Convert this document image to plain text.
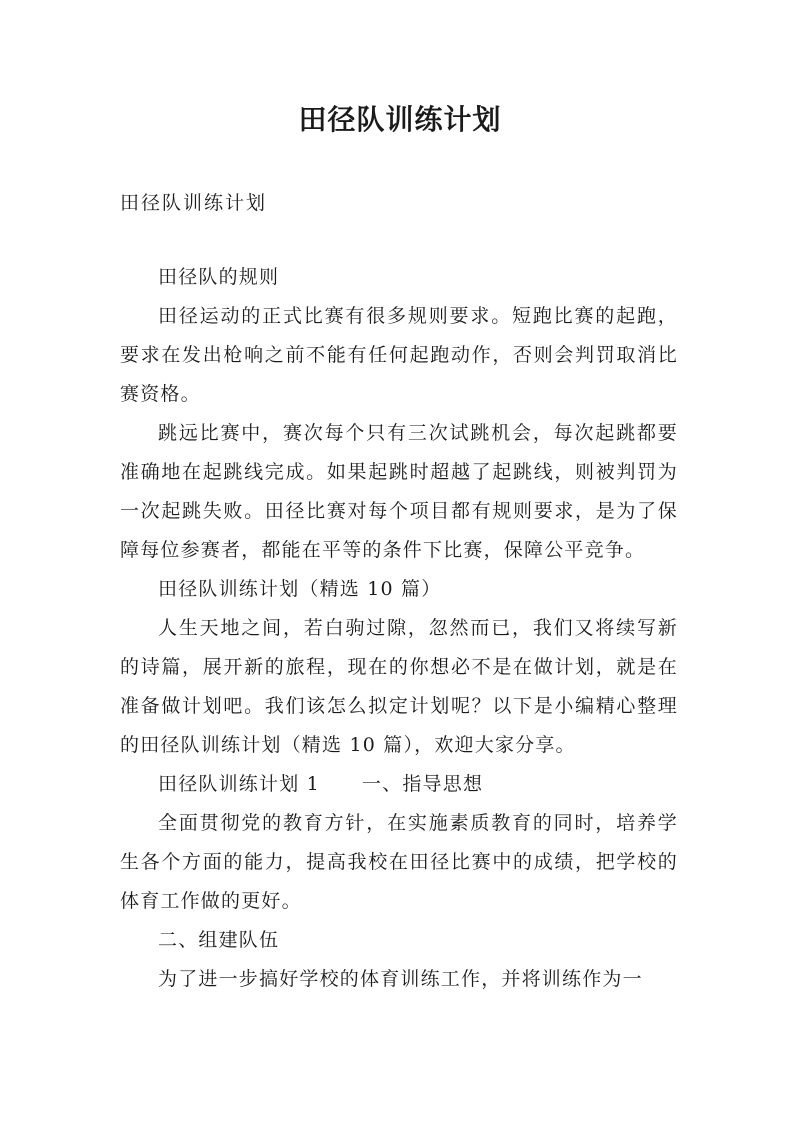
田径队训练计划

田径队训练计划

田径队的规则

田径运动的正式比赛有很多规则要求。短跑比赛的起跑，要求在发出枪响之前不能有任何起跑动作，否则会判罚取消比赛资格。

跳远比赛中，赛次每个只有三次试跳机会，每次起跳都要准确地在起跳线完成。如果起跳时超越了起跳线，则被判罚为一次起跳失败。田径比赛对每个项目都有规则要求，是为了保障每位参赛者，都能在平等的条件下比赛，保障公平竞争。

田径队训练计划（精选 10 篇）

人生天地之间，若白驹过隙，忽然而已，我们又将续写新的诗篇，展开新的旅程，现在的你想必不是在做计划，就是在准备做计划吧。我们该怎么拟定计划呢？以下是小编精心整理的田径队训练计划（精选 10 篇），欢迎大家分享。

田径队训练计划 1 一、指导思想

全面贯彻党的教育方针，在实施素质教育的同时，培养学生各个方面的能力，提高我校在田径比赛中的成绩，把学校的体育工作做的更好。

二、组建队伍

为了进一步搞好学校的体育训练工作，并将训练作为一
